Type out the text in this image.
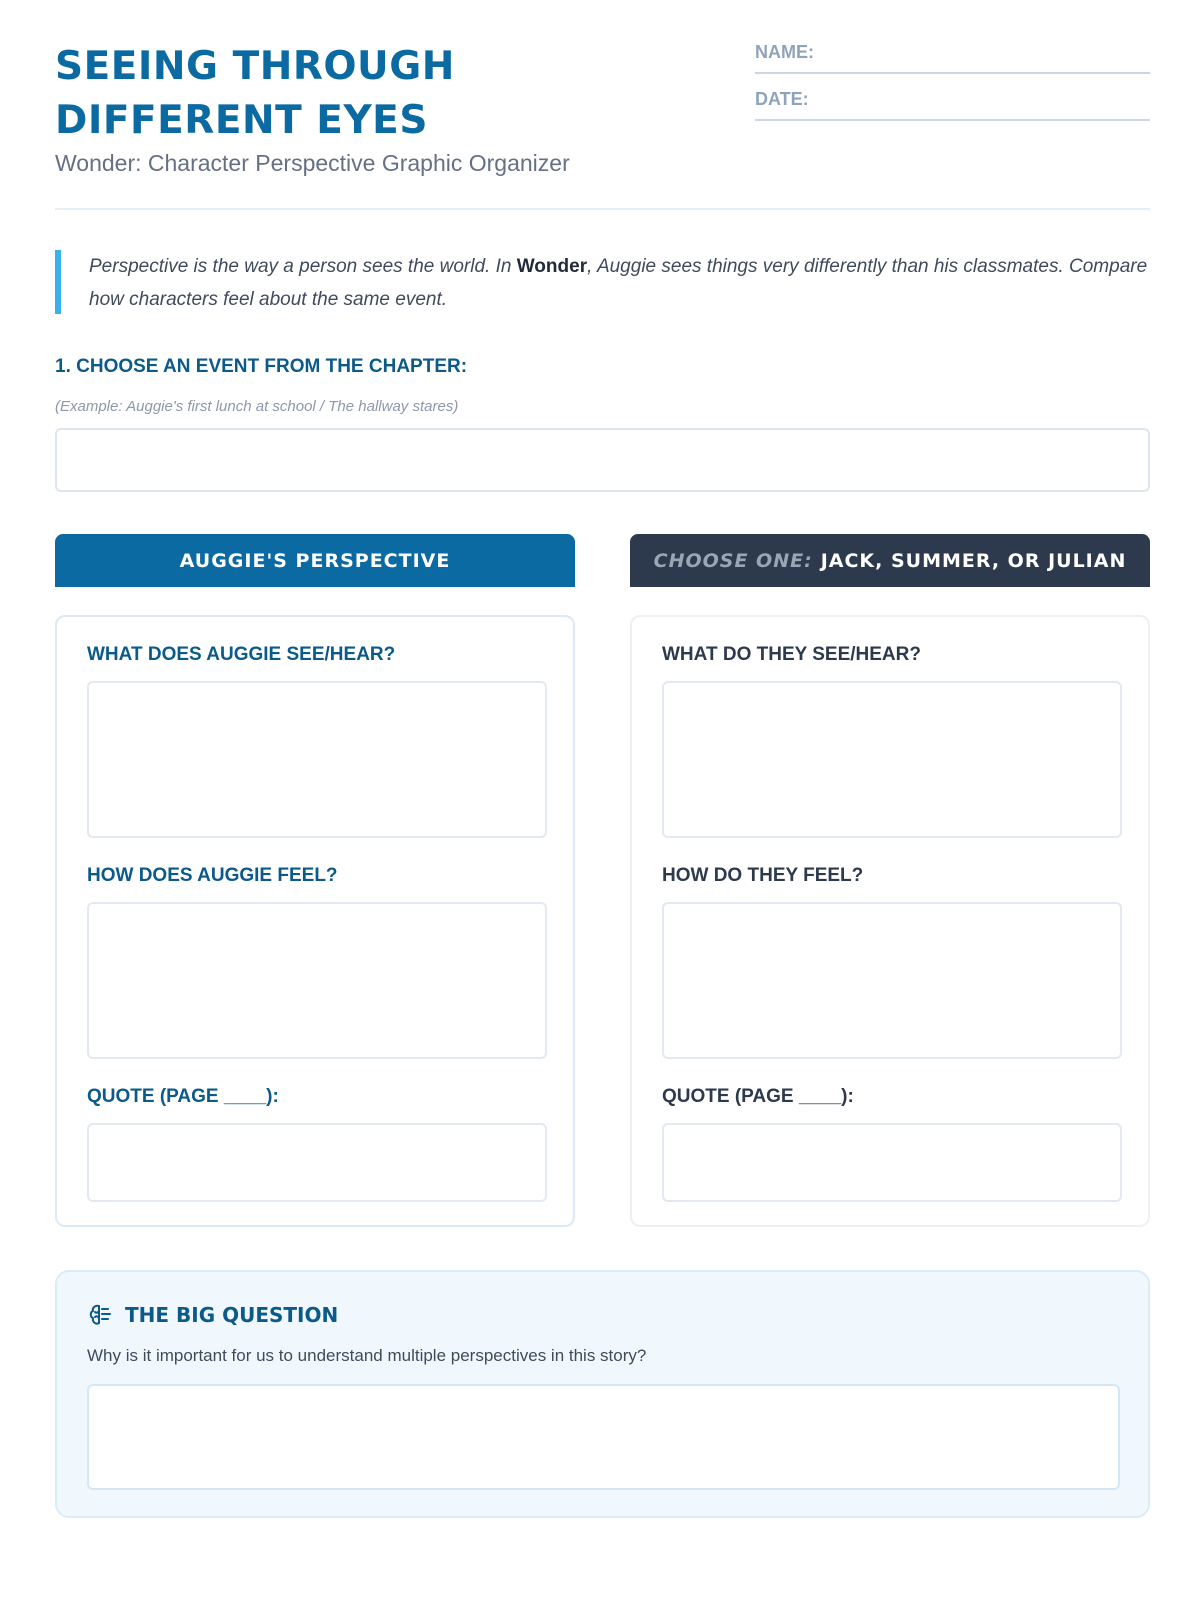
SEEING THROUGH DIFFERENT EYES

Wonder: Character Perspective Graphic Organizer

NAME:
DATE:
Perspective is the way a person sees the world. In Wonder, Auggie sees things very differently than his classmates. Compare how characters feel about the same event.
1. CHOOSE AN EVENT FROM THE CHAPTER:
(Example: Auggie's first lunch at school / The hallway stares)
AUGGIE'S PERSPECTIVE
WHAT DOES AUGGIE SEE/HEAR?
HOW DOES AUGGIE FEEL?
QUOTE (PAGE ____):
CHOOSE ONE: JACK, SUMMER, OR JULIAN
WHAT DO THEY SEE/HEAR?
HOW DO THEY FEEL?
QUOTE (PAGE ____):
THE BIG QUESTION
Why is it important for us to understand multiple perspectives in this story?
